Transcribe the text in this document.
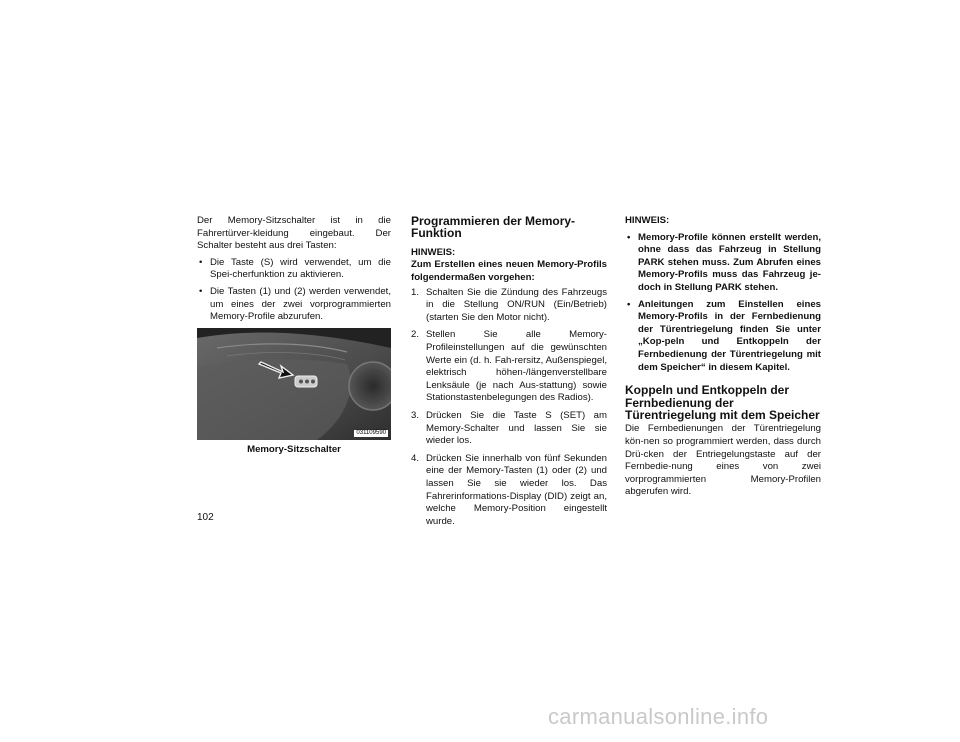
Der Memory-Sitzschalter ist in die Fahrertürver-kleidung eingebaut. Der Schalter besteht aus drei Tasten:

• Die Taste (S) wird verwendet, um die Spei-cherfunktion zu aktivieren.
• Die Tasten (1) und (2) werden verwendet, um eines der zwei vorprogrammierten Memory-Profile abzurufen.
031109590

Memory-Sitzschalter

Programmieren der Memory-Funktion

HINWEIS:

Zum Erstellen eines neuen Memory-Profils folgendermaßen vorgehen:

1. Schalten Sie die Zündung des Fahrzeugs in die Stellung ON/RUN (Ein/Betrieb) (starten Sie den Motor nicht).
2. Stellen Sie alle Memory-Profileinstellungen auf die gewünschten Werte ein (d. h. Fah-rersitz, Außenspiegel, elektrisch höhen-/längenverstellbare Lenksäule (je nach Aus-stattung) sowie Stationstastenbelegungen des Radios).
3. Drücken Sie die Taste S (SET) am Memory-Schalter und lassen Sie sie wieder los.
4. Drücken Sie innerhalb von fünf Sekunden eine der Memory-Tasten (1) oder (2) und lassen Sie sie wieder los. Das Fahrerinformations-Display (DID) zeigt an, welche Memory-Position eingestellt wurde.

HINWEIS:

• Memory-Profile können erstellt werden, ohne dass das Fahrzeug in Stellung PARK stehen muss. Zum Abrufen eines Memory-Profils muss das Fahrzeug je-doch in Stellung PARK stehen.
• Anleitungen zum Einstellen eines Memory-Profils in der Fernbedienung der Türentriegelung finden Sie unter „Kop-peln und Entkoppeln der Fernbedienung der Türentriegelung mit dem Speicher“ in diesem Kapitel.
Koppeln und Entkoppeln der Fernbedienung der Türentriegelung mit dem Speicher

Die Fernbedienungen der Türentriegelung kön-nen so programmiert werden, dass durch Drü-cken der Entriegelungstaste auf der Fernbedie-nung eines von zwei vorprogrammierten Memory-Profilen abgerufen wird.

102
carmanualsonline.info
